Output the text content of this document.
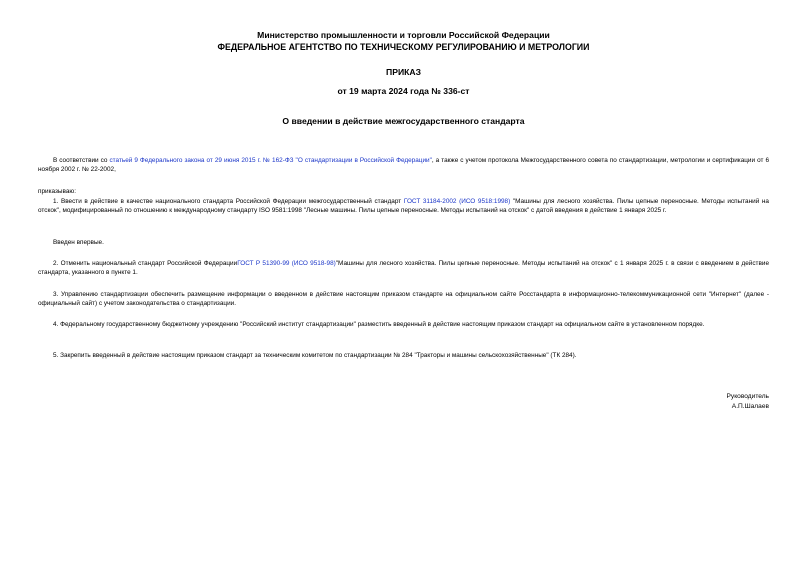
Министерство промышленности и торговли Российской Федерации

ФЕДЕРАЛЬНОЕ АГЕНТСТВО ПО ТЕХНИЧЕСКОМУ РЕГУЛИРОВАНИЮ И МЕТРОЛОГИИ

ПРИКАЗ

от 19 марта 2024 года № 336-ст

О введении в действие межгосударственного стандарта

В соответствии со статьей 9 Федерального закона от 29 июня 2015 г. № 162-ФЗ "О стандартизации в Российской Федерации", а также с учетом протокола Межгосударственного совета по стандартизации, метрологии и сертификации от 6 ноября 2002 г. № 22-2002,

приказываю:

1. Ввести в действие в качестве национального стандарта Российской Федерации межгосударственный стандарт ГОСТ 31184-2002 (ИСО 9518:1998) "Машины для лесного хозяйства. Пилы цепные переносные. Методы испытаний на отскок", модифицированный по отношению к международному стандарту ISO 9581:1998 "Лесные машины. Пилы цепные переносные. Методы испытаний на отскок" с датой введения в действие 1 января 2025 г.

Введен впервые.

2. Отменить национальный стандарт Российской ФедерацииГОСТ Р 51390-99 (ИСО 9518-98)"Машины для лесного хозяйства. Пилы цепные переносные. Методы испытаний на отскок" с 1 января 2025 г. в связи с введением в действие стандарта, указанного в пункте 1.

3. Управлению стандартизации обеспечить размещение информации о введенном в действие настоящим приказом стандарте на официальном сайте Росстандарта в информационно-телекоммуникационной сети "Интернет" (далее - официальный сайт) с учетом законодательства о стандартизации.

4. Федеральному государственному бюджетному учреждению "Российский институт стандартизации" разместить введенный в действие настоящим приказом стандарт на официальном сайте в установленном порядке.

5. Закрепить введенный в действие настоящим приказом стандарт за техническим комитетом по стандартизации № 284 "Тракторы и машины сельскохозяйственные" (ТК 284).

Руководитель
А.П.Шалаев
